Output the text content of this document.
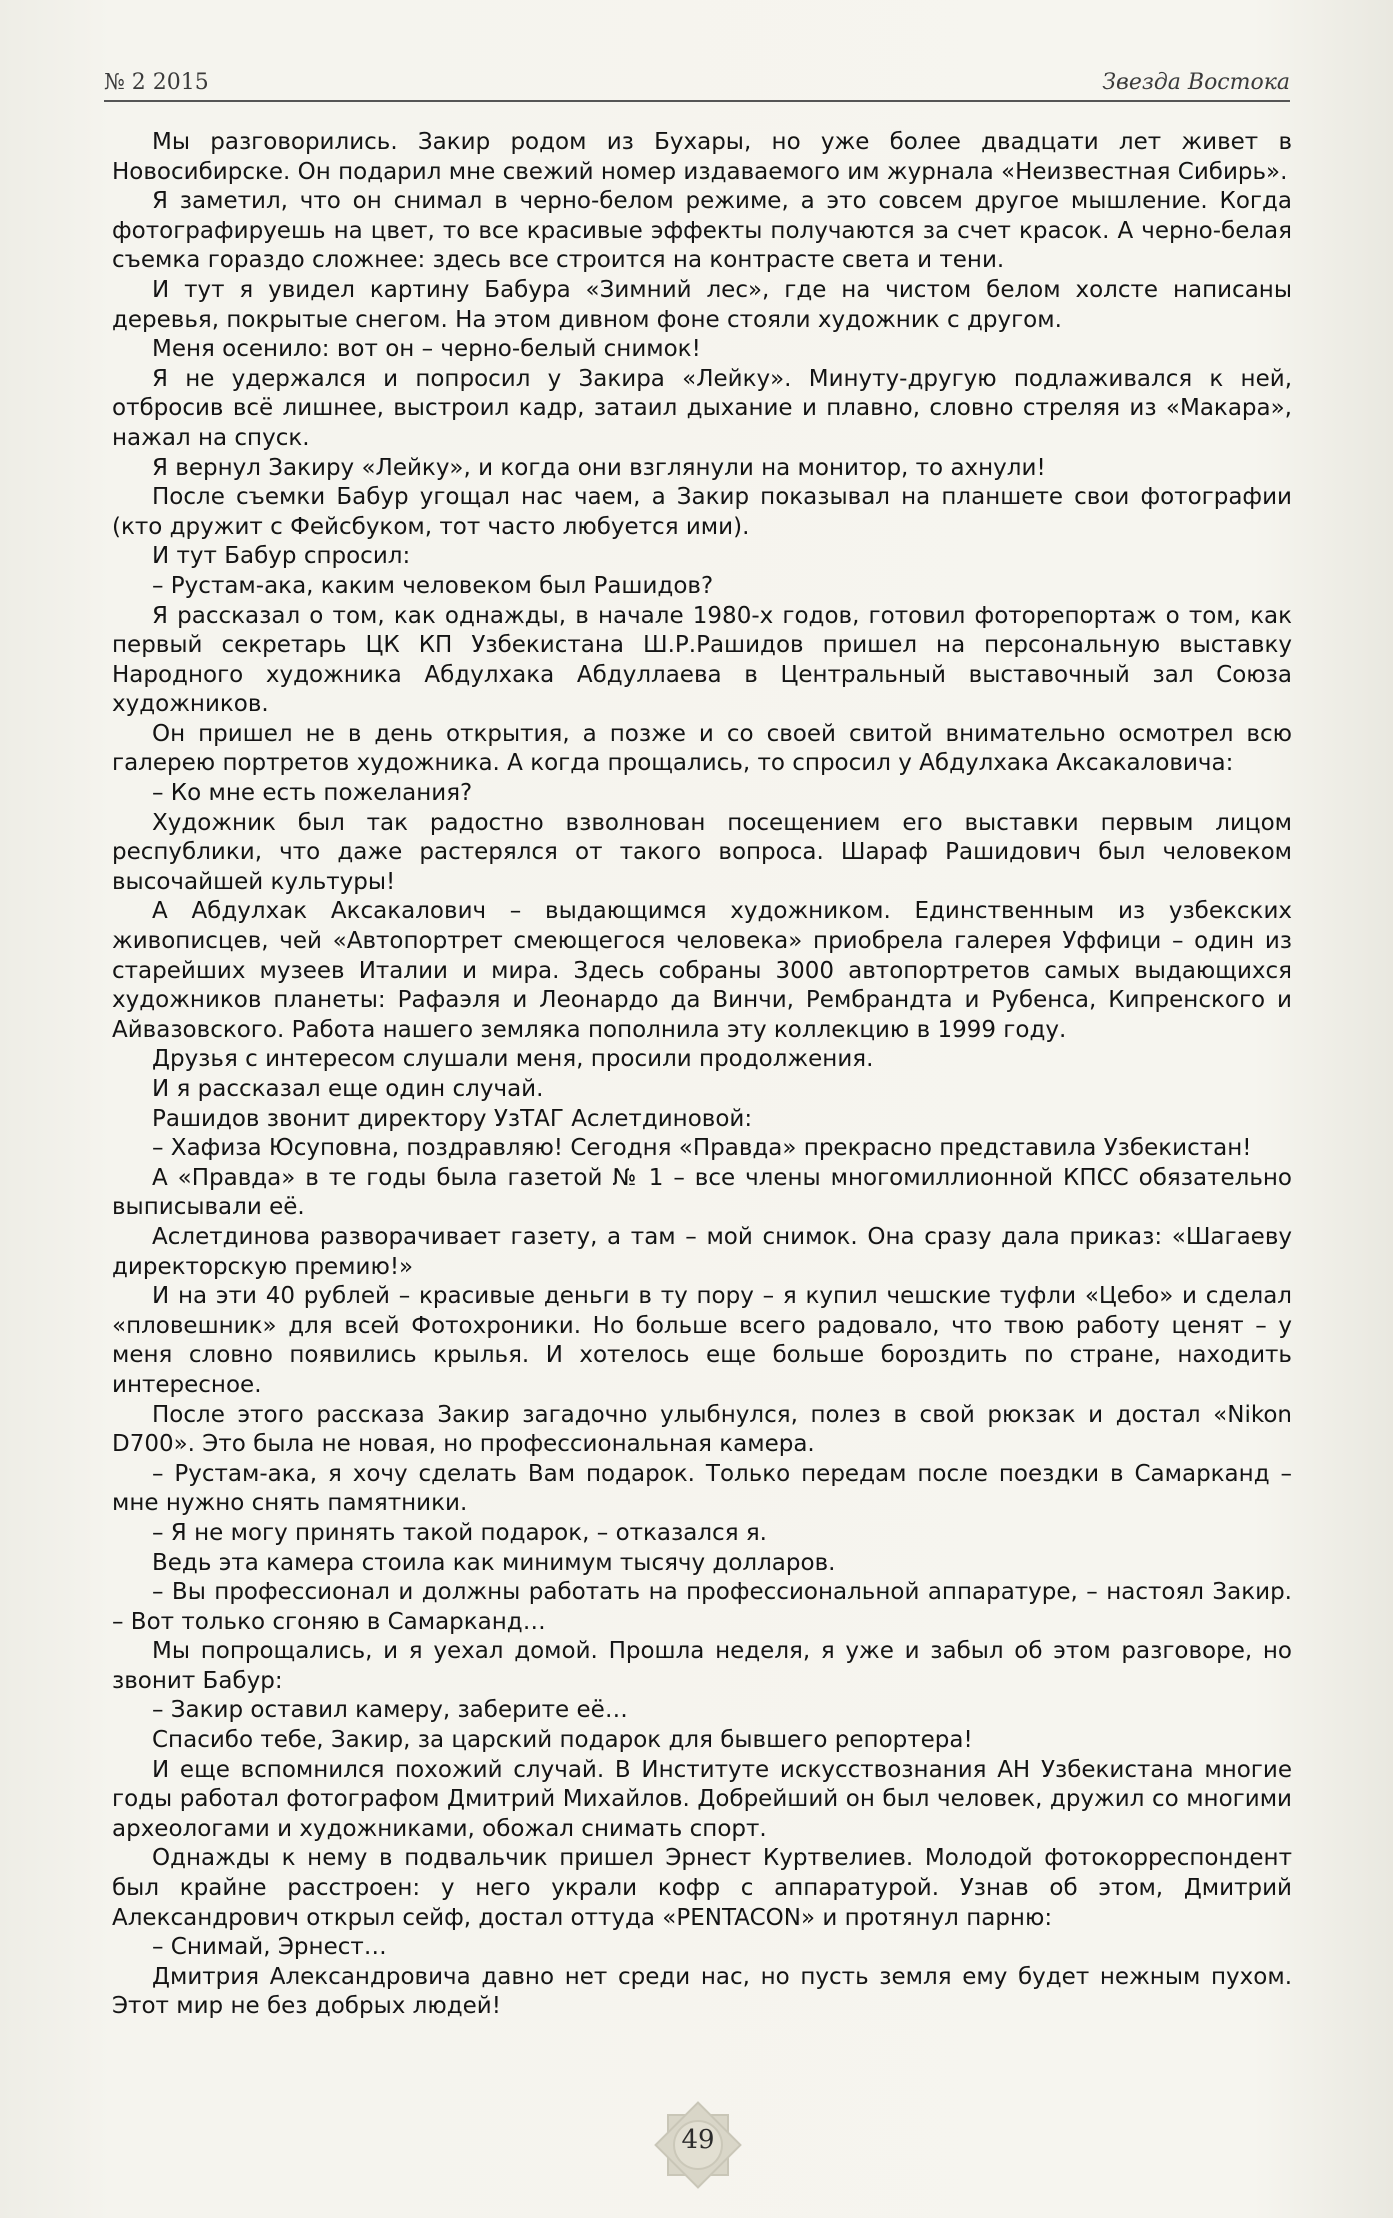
№ 2 2015	Звезда Востока

Мы разговорились. Закир родом из Бухары, но уже более двадцати лет живет в Новосибирске. Он подарил мне свежий номер издаваемого им журнала «Неизвестная Сибирь».

Я заметил, что он снимал в черно-белом режиме, а это совсем другое мышление. Когда фотографируешь на цвет, то все красивые эффекты получаются за счет красок. А черно-белая съемка гораздо сложнее: здесь все строится на контрасте света и тени.

И тут я увидел картину Бабура «Зимний лес», где на чистом белом холсте написаны деревья, покрытые снегом. На этом дивном фоне стояли художник с другом.

Меня осенило: вот он – черно-белый снимок!

Я не удержался и попросил у Закира «Лейку». Минуту-другую подлаживался к ней, отбросив всё лишнее, выстроил кадр, затаил дыхание и плавно, словно стреляя из «Макара», нажал на спуск.

Я вернул Закиру «Лейку», и когда они взглянули на монитор, то ахнули!

После съемки Бабур угощал нас чаем, а Закир показывал на планшете свои фотографии (кто дружит с Фейсбуком, тот часто любуется ими).

И тут Бабур спросил:

– Рустам-ака, каким человеком был Рашидов?

Я рассказал о том, как однажды, в начале 1980-х годов, готовил фоторепортаж о том, как первый секретарь ЦК КП Узбекистана Ш.Р.Рашидов пришел на персональную выставку Народного художника Абдулхака Абдуллаева в Центральный выставочный зал Союза художников.

Он пришел не в день открытия, а позже и со своей свитой внимательно осмотрел всю галерею портретов художника. А когда прощались, то спросил у Абдулхака Аксакаловича:

– Ко мне есть пожелания?

Художник был так радостно взволнован посещением его выставки первым лицом республики, что даже растерялся от такого вопроса. Шараф Рашидович был человеком высочайшей культуры!

А Абдулхак Аксакалович – выдающимся художником. Единственным из узбекских живописцев, чей «Автопортрет смеющегося человека» приобрела галерея Уффици – один из старейших музеев Италии и мира. Здесь собраны 3000 автопортретов самых выдающихся художников планеты: Рафаэля и Леонардо да Винчи, Рембрандта и Рубенса, Кипренского и Айвазовского. Работа нашего земляка пополнила эту коллекцию в 1999 году.

Друзья с интересом слушали меня, просили продолжения.

И я рассказал еще один случай.

Рашидов звонит директору УзТАГ Аслетдиновой:

– Хафиза Юсуповна, поздравляю! Сегодня «Правда» прекрасно представила Узбекистан!

А «Правда» в те годы была газетой № 1 – все члены многомиллионной КПСС обязательно выписывали её.

Аслетдинова разворачивает газету, а там – мой снимок. Она сразу дала приказ: «Шагаеву директорскую премию!»

И на эти 40 рублей – красивые деньги в ту пору – я купил чешские туфли «Цебо» и сделал «пловешник» для всей Фотохроники. Но больше всего радовало, что твою работу ценят – у меня словно появились крылья. И хотелось еще больше бороздить по стране, находить интересное.

После этого рассказа Закир загадочно улыбнулся, полез в свой рюкзак и достал «Nikon D700». Это была не новая, но профессиональная камера.

– Рустам-ака, я хочу сделать Вам подарок. Только передам после поездки в Самарканд – мне нужно снять памятники.

– Я не могу принять такой подарок, – отказался я.

Ведь эта камера стоила как минимум тысячу долларов.

– Вы профессионал и должны работать на профессиональной аппаратуре, – настоял Закир. – Вот только сгоняю в Самарканд…

Мы попрощались, и я уехал домой. Прошла неделя, я уже и забыл об этом разговоре, но звонит Бабур:

– Закир оставил камеру, заберите её…

Спасибо тебе, Закир, за царский подарок для бывшего репортера!

И еще вспомнился похожий случай. В Институте искусствознания АН Узбекистана многие годы работал фотографом Дмитрий Михайлов. Добрейший он был человек, дружил со многими археологами и художниками, обожал снимать спорт.

Однажды к нему в подвальчик пришел Эрнест Куртвелиев. Молодой фотокорреспондент был крайне расстроен: у него украли кофр с аппаратурой. Узнав об этом, Дмитрий Александрович открыл сейф, достал оттуда «PENTACON» и протянул парню:

– Снимай, Эрнест…

Дмитрия Александровича давно нет среди нас, но пусть земля ему будет нежным пухом. Этот мир не без добрых людей!

49
